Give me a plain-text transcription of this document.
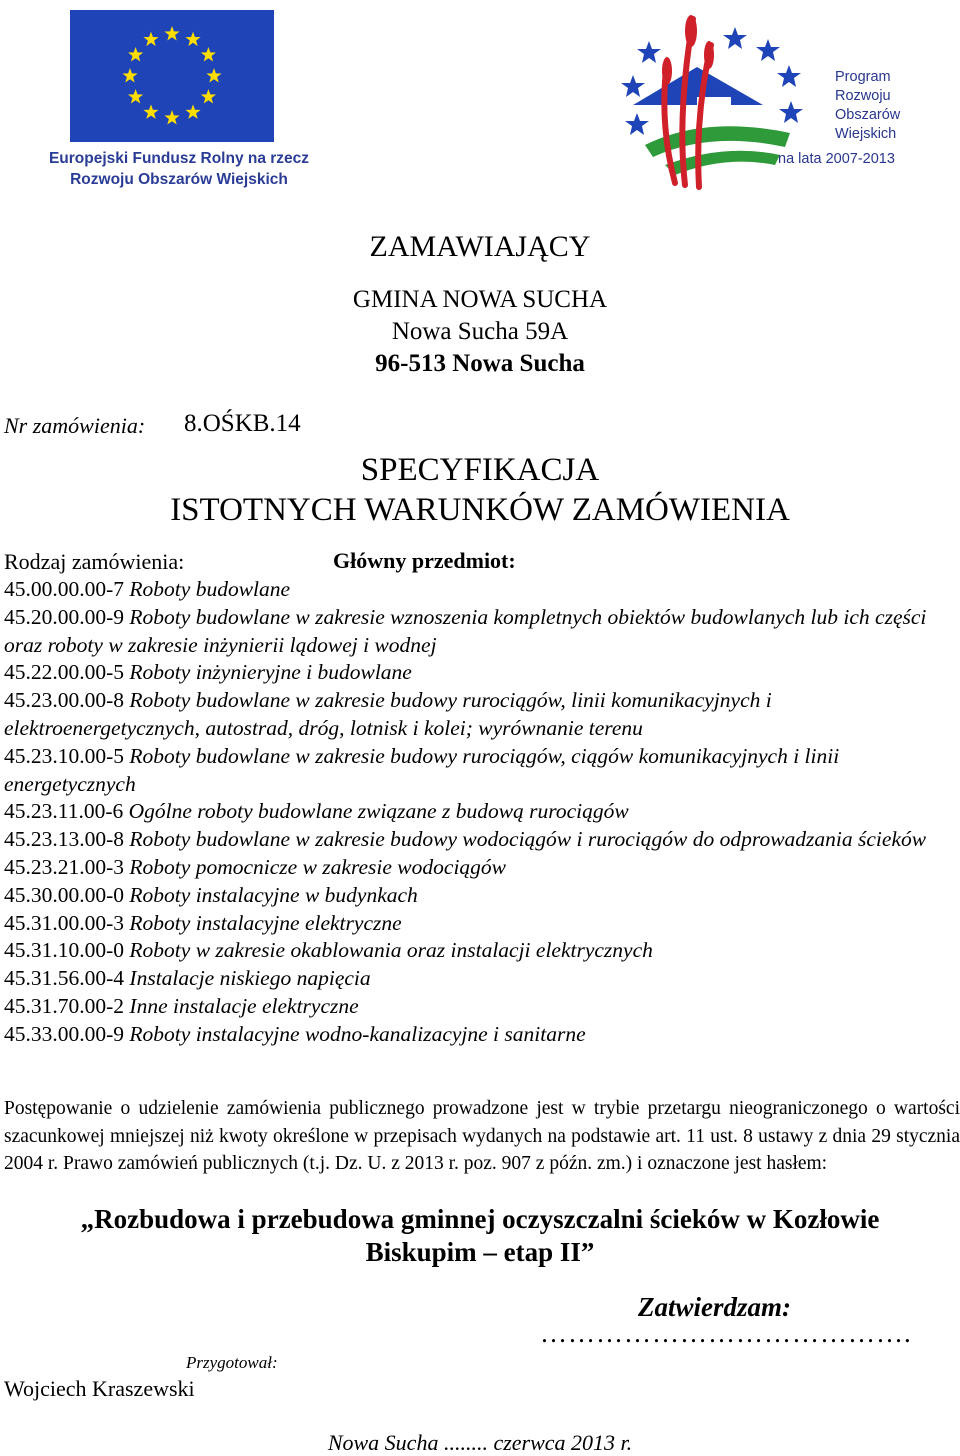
Europejski Fundusz Rolny na rzecz
Rozwoju Obszarów Wiejskich
Program
Rozwoju
Obszarów
Wiejskich
na lata 2007-2013
ZAMAWIAJĄCY
GMINA NOWA SUCHA
Nowa Sucha 59A
96-513 Nowa Sucha
Nr zamówienia: 8.OŚKB.14
SPECYFIKACJA
ISTOTNYCH WARUNKÓW ZAMÓWIENIA
Rodzaj zamówienia:	Główny przedmiot:

45.00.00.00-7 Roboty budowlane

45.20.00.00-9 Roboty budowlane w zakresie wznoszenia kompletnych obiektów budowlanych lub ich części oraz roboty w zakresie inżynierii lądowej i wodnej

45.22.00.00-5 Roboty inżynieryjne i budowlane

45.23.00.00-8 Roboty budowlane w zakresie budowy rurociągów, linii komunikacyjnych i elektroenergetycznych, autostrad, dróg, lotnisk i kolei; wyrównanie terenu

45.23.10.00-5 Roboty budowlane w zakresie budowy rurociągów, ciągów komunikacyjnych i linii energetycznych

45.23.11.00-6 Ogólne roboty budowlane związane z budową rurociągów

45.23.13.00-8 Roboty budowlane w zakresie budowy wodociągów i rurociągów do odprowadzania ścieków

45.23.21.00-3 Roboty pomocnicze w zakresie wodociągów

45.30.00.00-0 Roboty instalacyjne w budynkach

45.31.00.00-3 Roboty instalacyjne elektryczne

45.31.10.00-0 Roboty w zakresie okablowania oraz instalacji elektrycznych

45.31.56.00-4 Instalacje niskiego napięcia

45.31.70.00-2 Inne instalacje elektryczne

45.33.00.00-9 Roboty instalacyjne wodno-kanalizacyjne i sanitarne

Postępowanie o udzielenie zamówienia publicznego prowadzone jest w trybie przetargu nieograniczonego o wartości szacunkowej mniejszej niż kwoty określone w przepisach wydanych na podstawie art. 11 ust. 8 ustawy z dnia 29 stycznia 2004 r. Prawo zamówień publicznych (t.j. Dz. U. z 2013 r. poz. 907 z późn. zm.) i oznaczone jest hasłem:
„Rozbudowa i przebudowa gminnej oczyszczalni ścieków w Kozłowie
Biskupim – etap II”
Zatwierdzam:
………………………………….
Przygotował:
Wojciech Kraszewski
Nowa Sucha ........ czerwca 2013 r.
